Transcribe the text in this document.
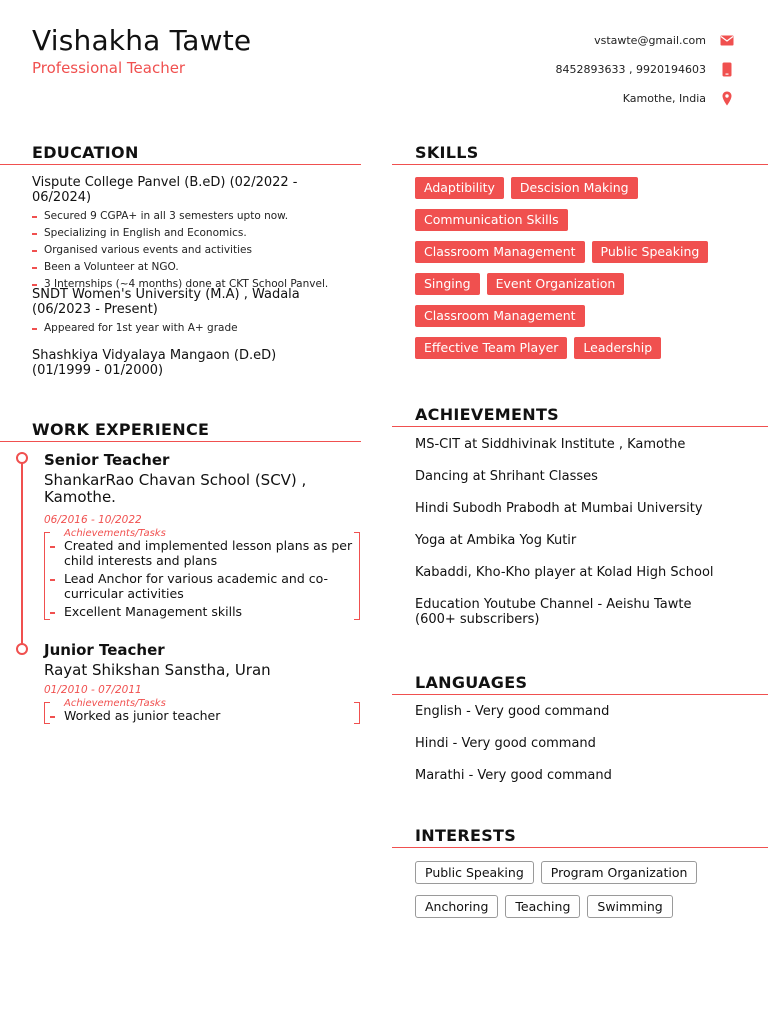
Vishakha Tawte
Professional Teacher
vstawte@gmail.com
8452893633 , 9920194603
Kamothe, India
EDUCATION	SKILLS
WORK EXPERIENCE
ACHIEVEMENTS
LANGUAGES
INTERESTS
Vispute College Panvel (B.eD) (02/2022 - 06/2024)
Secured 9 CGPA+ in all 3 semesters upto now.
Specializing in English and Economics.
Organised various events and activities
Been a Volunteer at NGO.
3 Internships (~4 months) done at CKT School Panvel.
SNDT Women's University (M.A) , Wadala
(06/2023 - Present)
Appeared for 1st year with A+ grade
Shashkiya Vidyalaya Mangaon (D.eD)
(01/1999 - 01/2000)
Senior Teacher
ShankarRao Chavan School (SCV) ,
Kamothe.
06/2016 - 10/2022
Achievements/Tasks
Created and implemented lesson plans as per child interests and plans
Lead Anchor for various academic and co-curricular activities
Excellent Management skills
Junior Teacher
Rayat Shikshan Sanstha, Uran
01/2010 - 07/2011
Achievements/Tasks
Worked as junior teacher
Adaptibility	Descision Making
Communication Skills
Classroom Management	Public Speaking
Singing	Event Organization
Classroom Management
Effective Team Player	Leadership
MS-CIT at Siddhivinak Institute , Kamothe
Dancing at Shrihant Classes
Hindi Subodh Prabodh at Mumbai University
Yoga at Ambika Yog Kutir
Kabaddi, Kho-Kho player at Kolad High School
Education Youtube Channel - Aeishu Tawte (600+ subscribers)
English - Very good command
Hindi - Very good command
Marathi - Very good command
Public Speaking	Program Organization
Anchoring	Teaching	Swimming
